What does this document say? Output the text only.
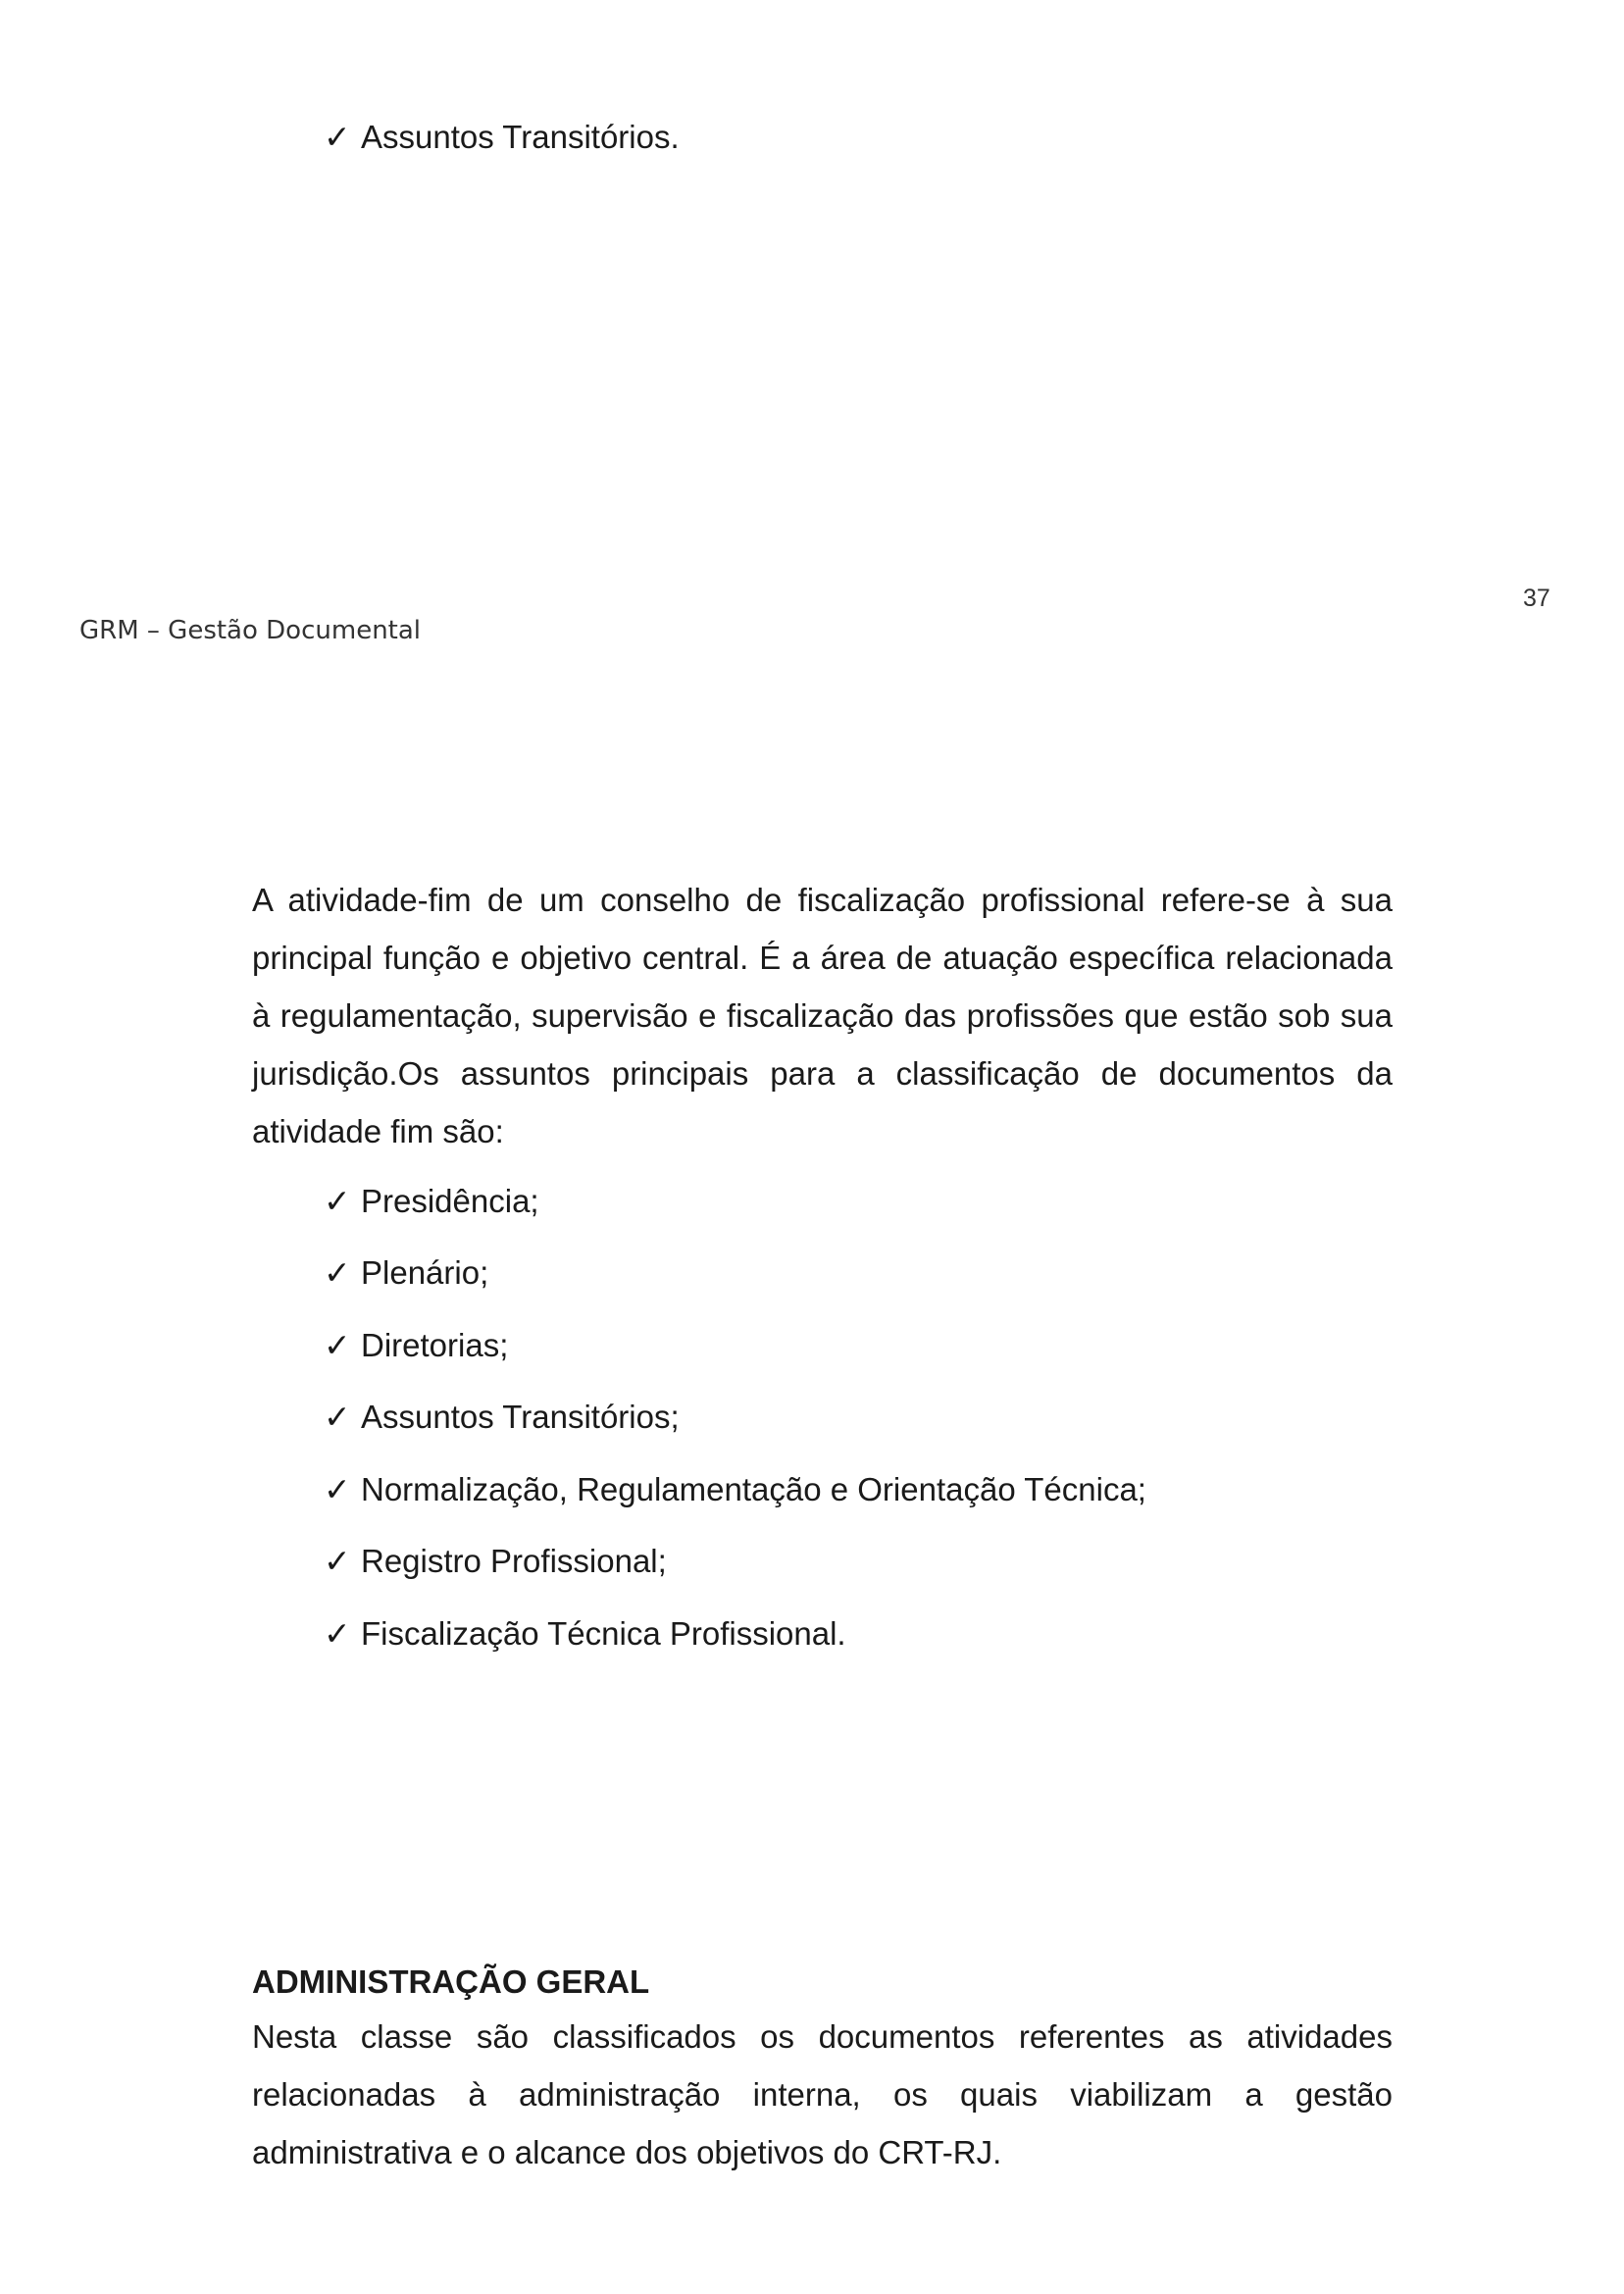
✓ Assuntos Transitórios.
37
GRM – Gestão Documental
A atividade-fim de um conselho de fiscalização profissional refere-se à sua principal função e objetivo central. É a área de atuação específica relacionada à regulamentação, supervisão e fiscalização das profissões que estão sob sua jurisdição.Os assuntos principais para a classificação de documentos da atividade fim são:
✓ Presidência;
✓ Plenário;
✓ Diretorias;
✓ Assuntos Transitórios;
✓ Normalização, Regulamentação e Orientação Técnica;
✓ Registro Profissional;
✓ Fiscalização Técnica Profissional.
ADMINISTRAÇÃO GERAL
Nesta classe são classificados os documentos referentes as atividades relacionadas à administração interna, os quais viabilizam a gestão administrativa e o alcance dos objetivos do CRT-RJ.
